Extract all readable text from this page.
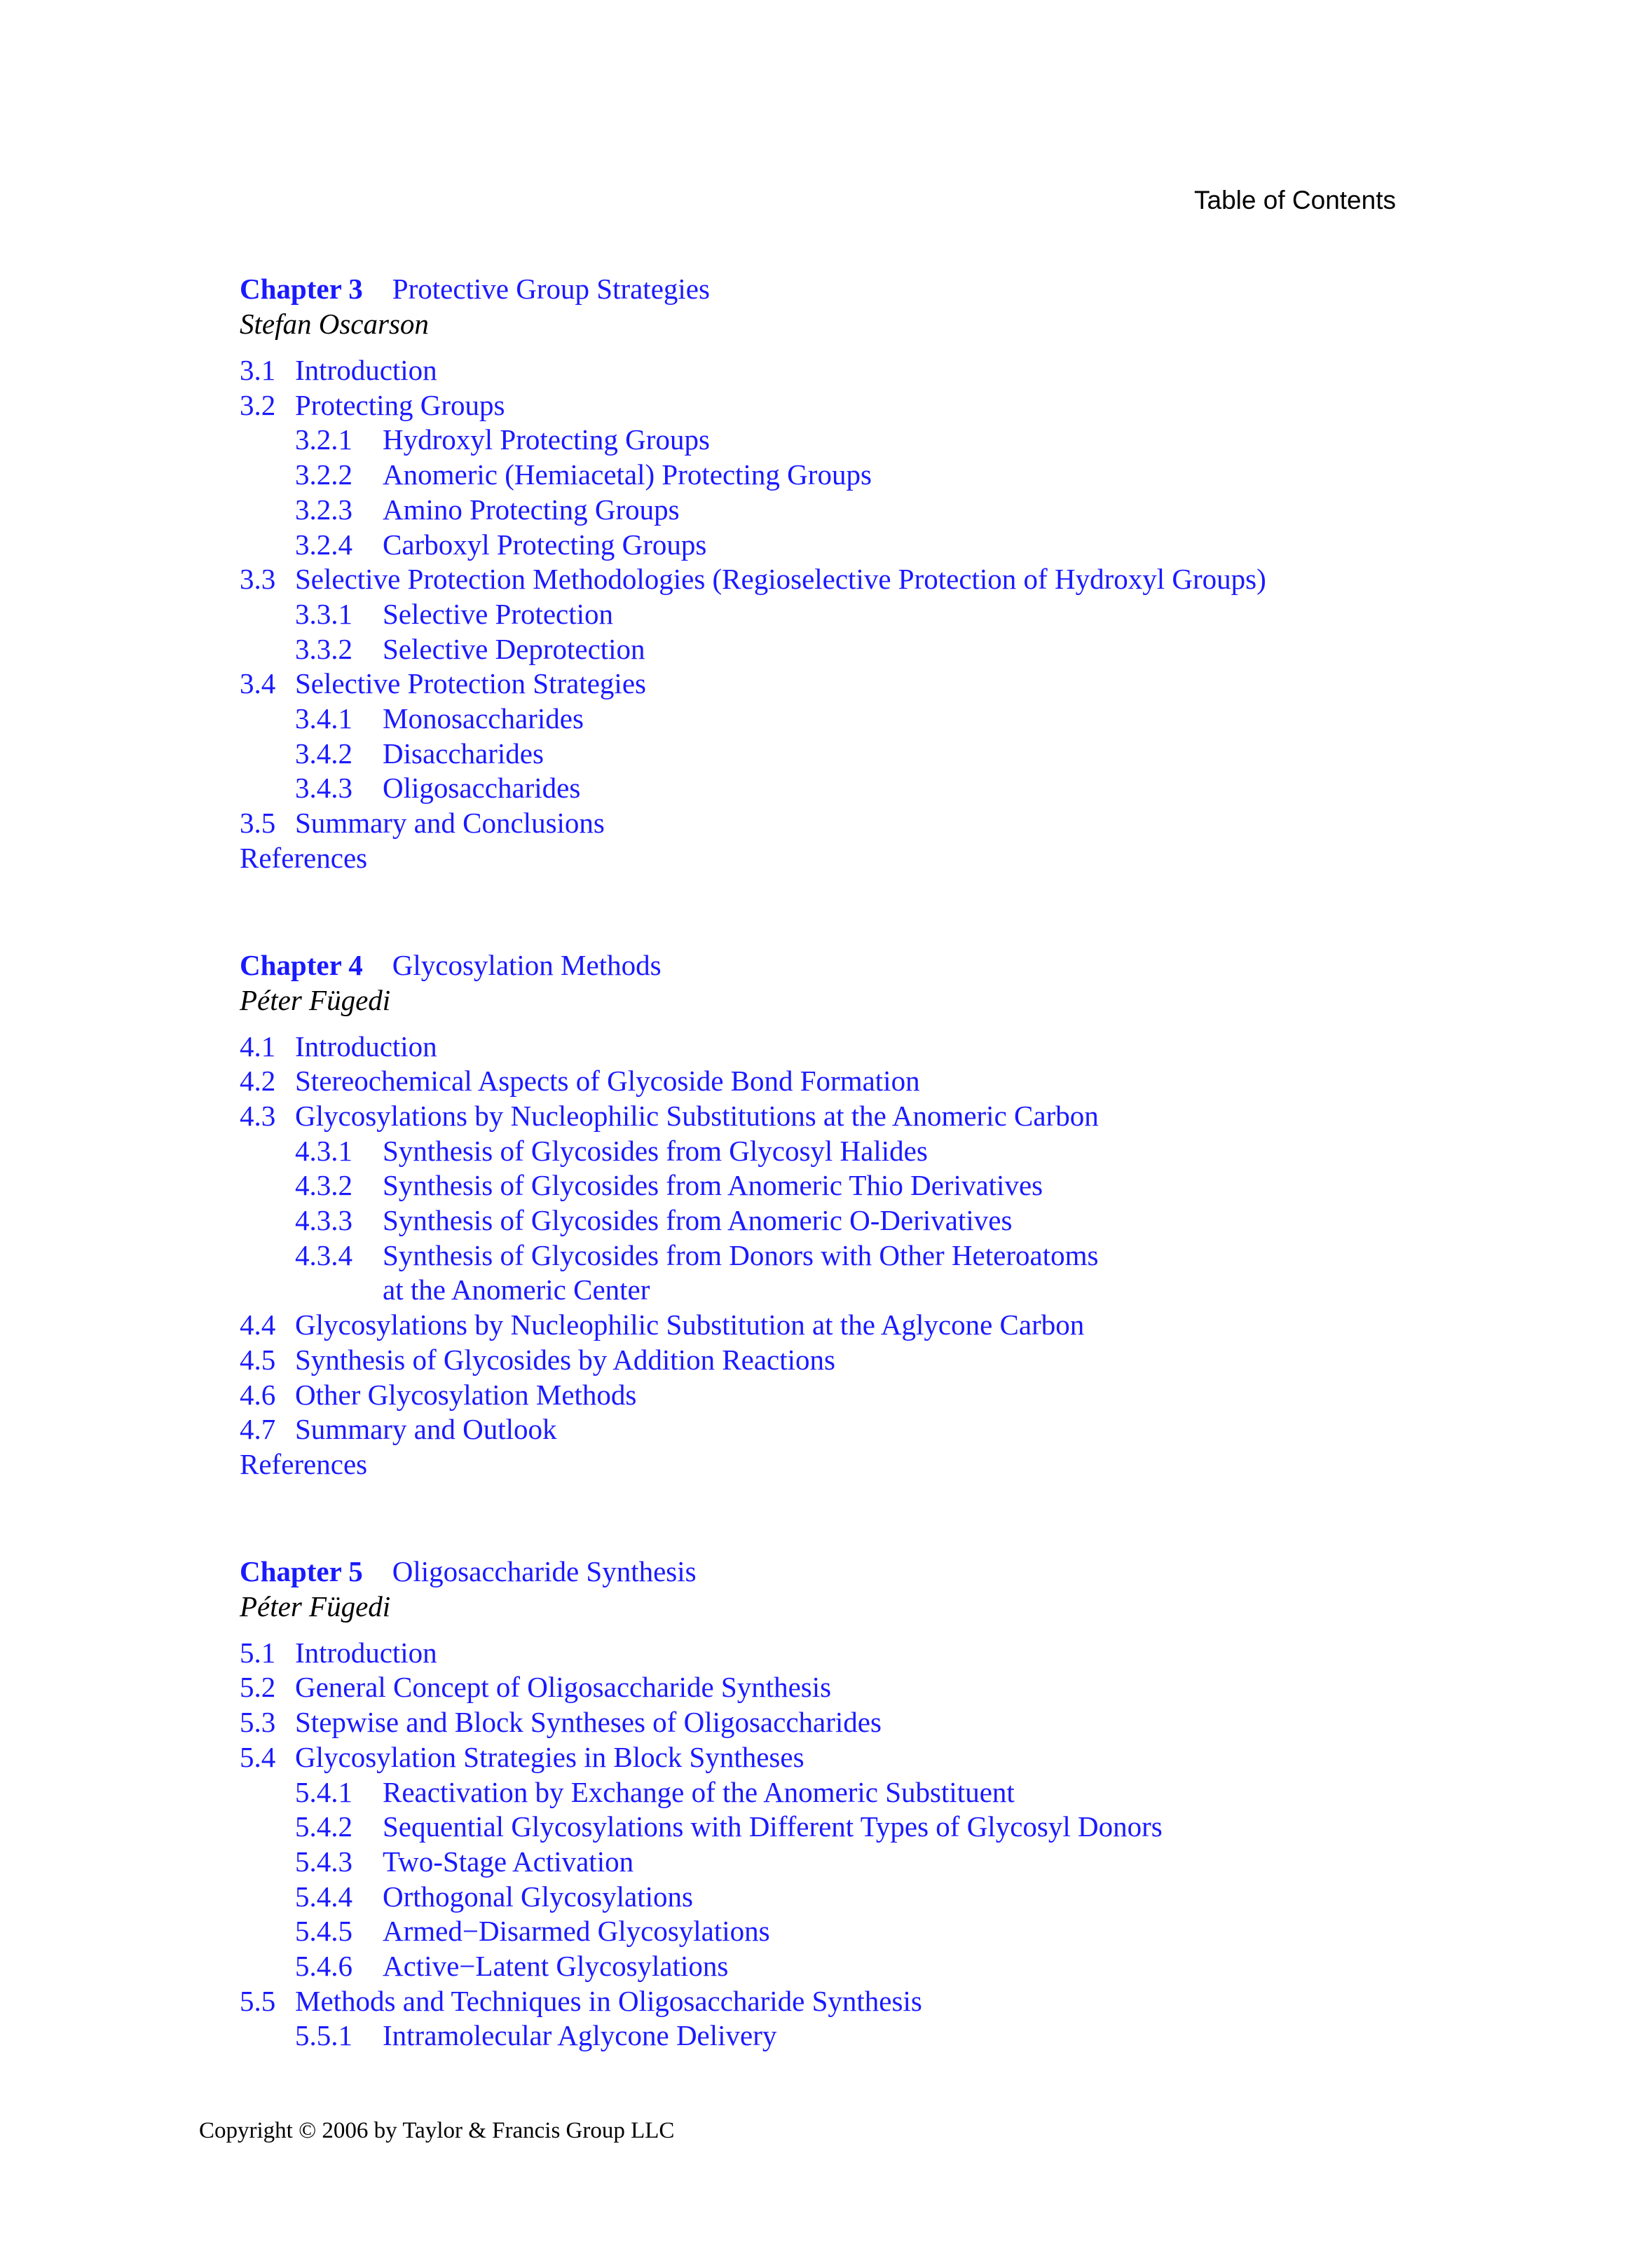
Table of Contents
Chapter 3 Protective Group Strategies
Stefan Oscarson
3.1 Introduction
3.2 Protecting Groups
3.2.1 Hydroxyl Protecting Groups
3.2.2 Anomeric (Hemiacetal) Protecting Groups
3.2.3 Amino Protecting Groups
3.2.4 Carboxyl Protecting Groups
3.3 Selective Protection Methodologies (Regioselective Protection of Hydroxyl Groups)
3.3.1 Selective Protection
3.3.2 Selective Deprotection
3.4 Selective Protection Strategies
3.4.1 Monosaccharides
3.4.2 Disaccharides
3.4.3 Oligosaccharides
3.5 Summary and Conclusions
References
Chapter 4 Glycosylation Methods
Péter Fügedi
4.1 Introduction
4.2 Stereochemical Aspects of Glycoside Bond Formation
4.3 Glycosylations by Nucleophilic Substitutions at the Anomeric Carbon
4.3.1 Synthesis of Glycosides from Glycosyl Halides
4.3.2 Synthesis of Glycosides from Anomeric Thio Derivatives
4.3.3 Synthesis of Glycosides from Anomeric O-Derivatives
4.3.4 Synthesis of Glycosides from Donors with Other Heteroatoms
at the Anomeric Center
4.4 Glycosylations by Nucleophilic Substitution at the Aglycone Carbon
4.5 Synthesis of Glycosides by Addition Reactions
4.6 Other Glycosylation Methods
4.7 Summary and Outlook
References
Chapter 5 Oligosaccharide Synthesis
Péter Fügedi
5.1 Introduction
5.2 General Concept of Oligosaccharide Synthesis
5.3 Stepwise and Block Syntheses of Oligosaccharides
5.4 Glycosylation Strategies in Block Syntheses
5.4.1 Reactivation by Exchange of the Anomeric Substituent
5.4.2 Sequential Glycosylations with Different Types of Glycosyl Donors
5.4.3 Two-Stage Activation
5.4.4 Orthogonal Glycosylations
5.4.5 Armed−Disarmed Glycosylations
5.4.6 Active−Latent Glycosylations
5.5 Methods and Techniques in Oligosaccharide Synthesis
5.5.1 Intramolecular Aglycone Delivery
Copyright © 2006 by Taylor & Francis Group LLC
